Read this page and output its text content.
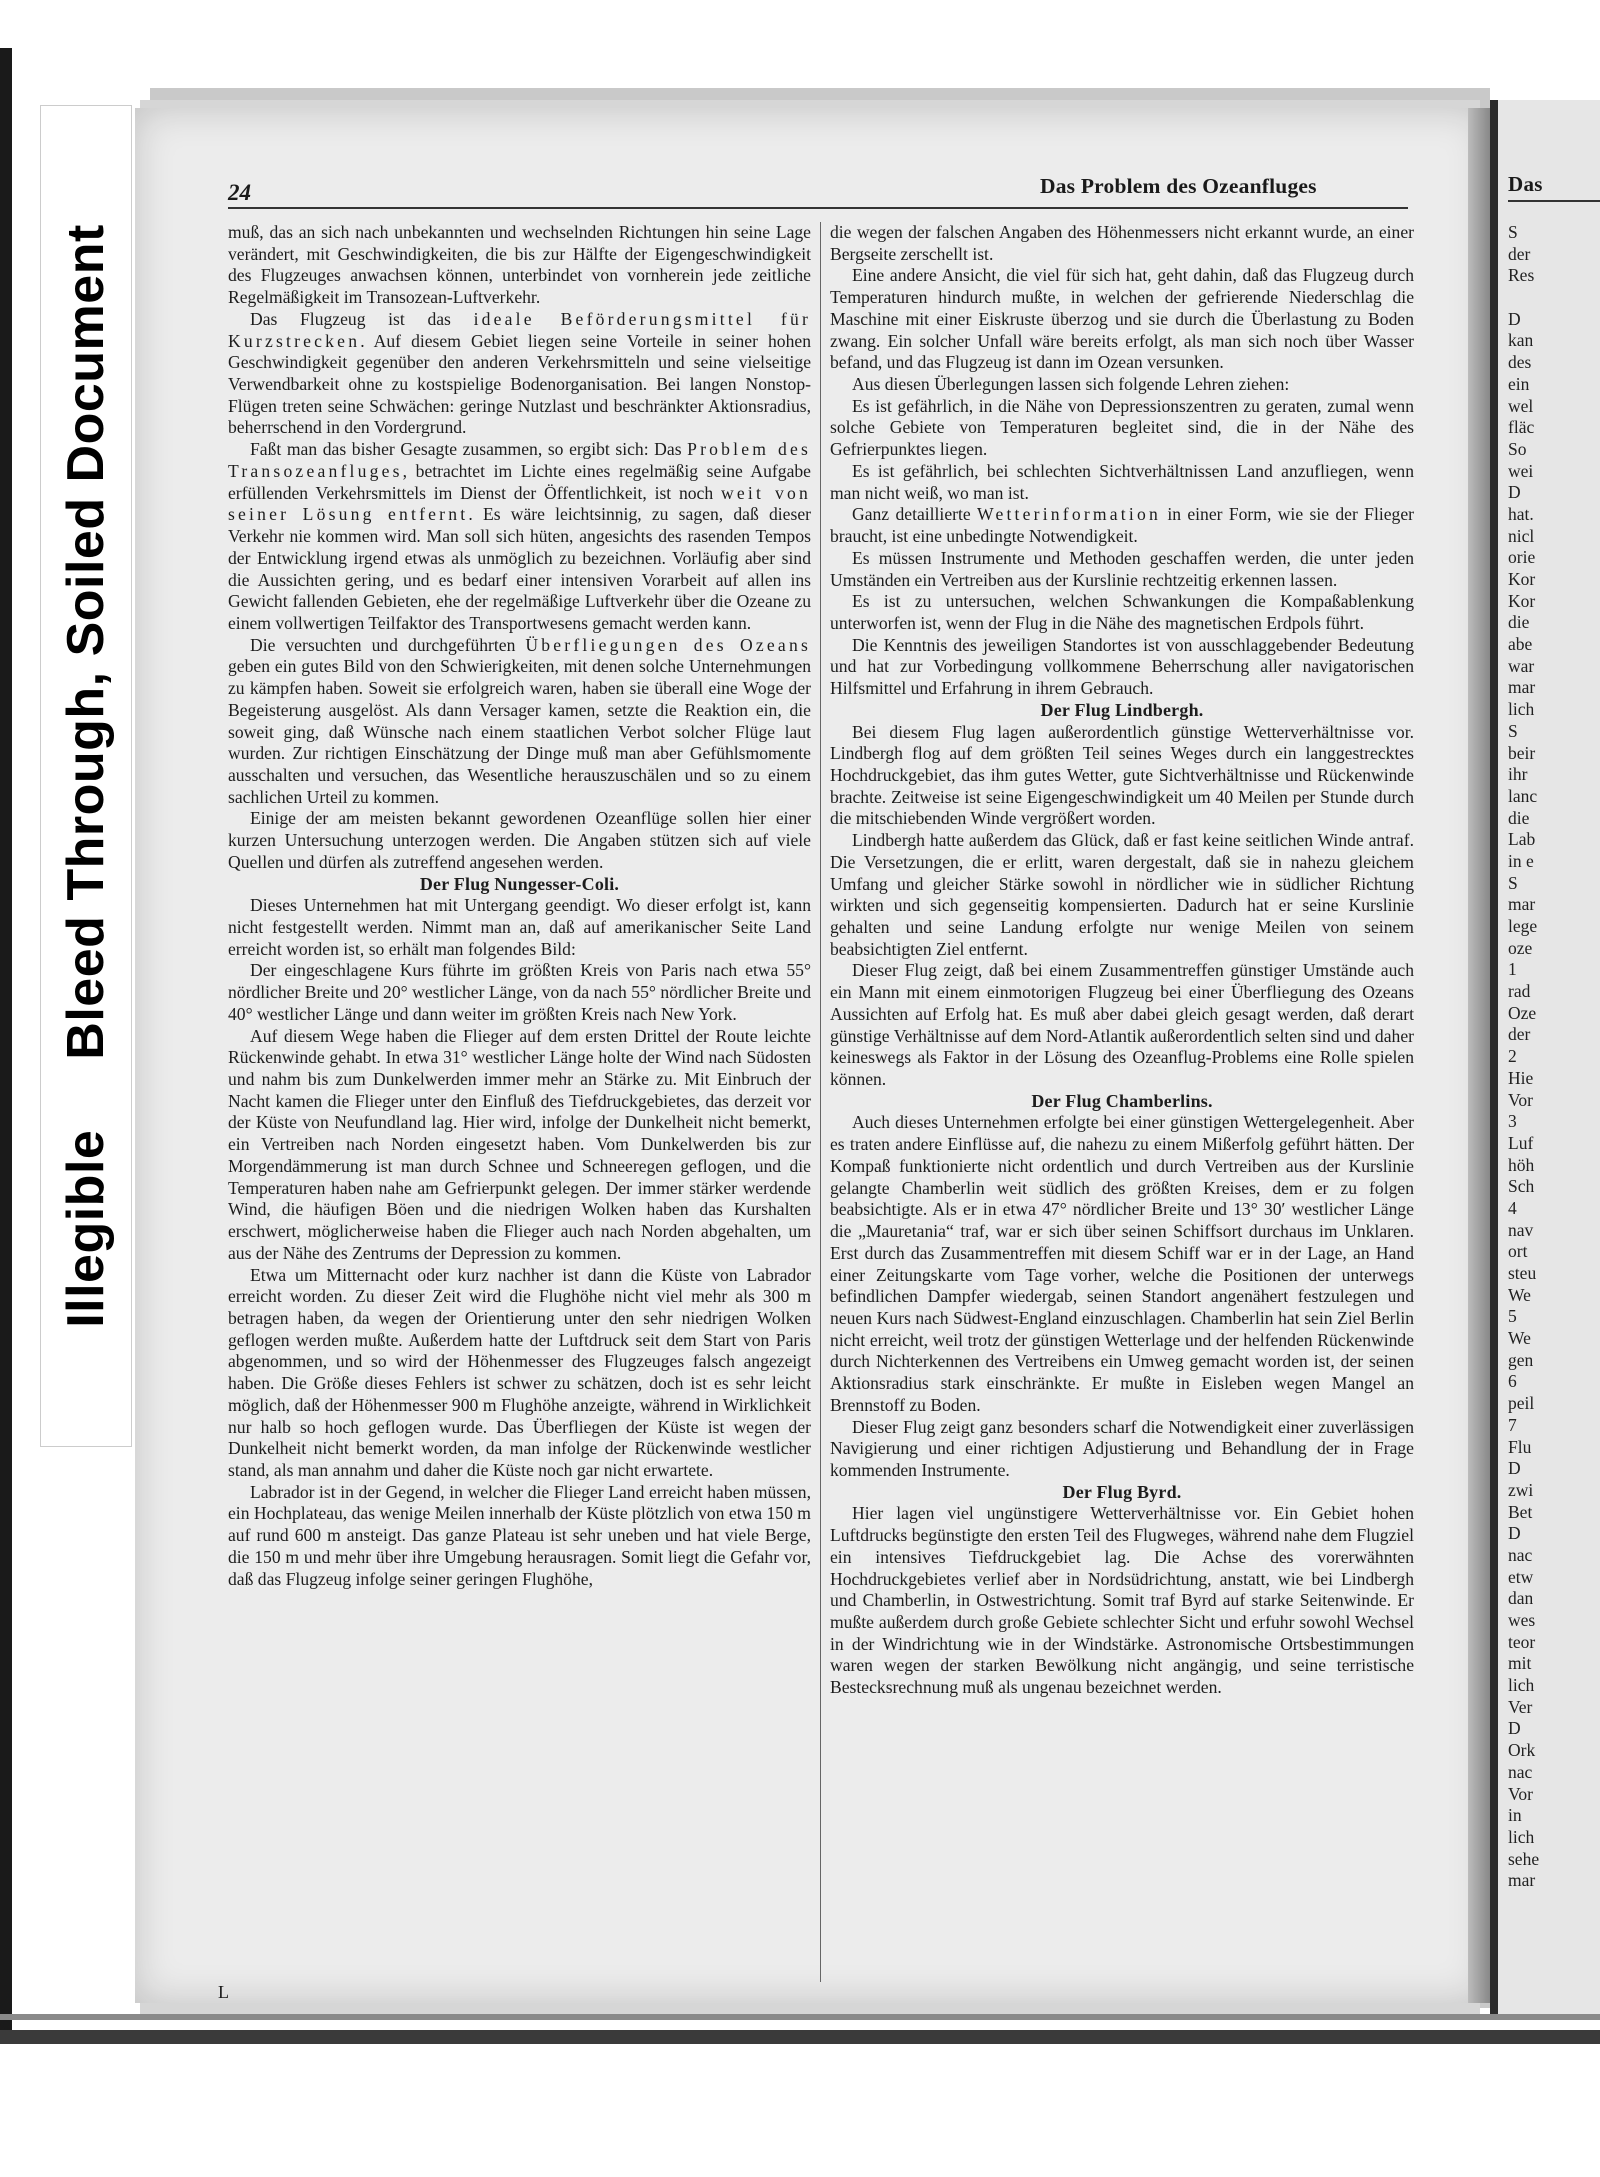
Das
S
der
Res
D
kan
des
ein
wel
fläc
So
wei
D
hat.
nicl
orie
Kor
Kor
die
abe
war
mar
lich
S
beir
ihr
lanc
die
Lab
in e
S
mar
lege
oze
1
rad
Oze
der
2
Hie
Vor
3
Luf
höh
Sch
4
nav
ort
steu
We
5
We
gen
6
peil
7
Flu
D
zwi
Bet
D
nac
etw
dan
wes
teor
mit
lich
Ver
D
Ork
nac
Vor
in
lich
sehe
mar
24	Das Problem des Ozeanfluges

muß, das an sich nach unbekannten und wechselnden Richtungen hin seine Lage verändert, mit Geschwindigkeiten, die bis zur Hälfte der Eigengeschwindigkeit des Flugzeuges anwachsen können, unterbindet von vornherein jede zeitliche Regelmäßigkeit im Transozean-Luftverkehr.

Das Flugzeug ist das ideale Beförderungsmittel für Kurzstrecken. Auf diesem Gebiet liegen seine Vorteile in seiner hohen Geschwindigkeit gegenüber den anderen Verkehrsmitteln und seine vielseitige Verwendbarkeit ohne zu kostspielige Bodenorganisation. Bei langen Nonstop-Flügen treten seine Schwächen: geringe Nutzlast und beschränkter Aktionsradius, beherrschend in den Vordergrund.

Faßt man das bisher Gesagte zusammen, so ergibt sich: Das Problem des Transozeanfluges, betrachtet im Lichte eines regelmäßig seine Aufgabe erfüllenden Verkehrsmittels im Dienst der Öffentlichkeit, ist noch weit von seiner Lösung entfernt. Es wäre leichtsinnig, zu sagen, daß dieser Verkehr nie kommen wird. Man soll sich hüten, angesichts des rasenden Tempos der Entwicklung irgend etwas als unmöglich zu bezeichnen. Vorläufig aber sind die Aussichten gering, und es bedarf einer intensiven Vorarbeit auf allen ins Gewicht fallenden Gebieten, ehe der regelmäßige Luftverkehr über die Ozeane zu einem vollwertigen Teilfaktor des Transportwesens gemacht werden kann.

Die versuchten und durchgeführten Überfliegungen des Ozeans geben ein gutes Bild von den Schwierigkeiten, mit denen solche Unternehmungen zu kämpfen haben. Soweit sie erfolgreich waren, haben sie überall eine Woge der Begeisterung ausgelöst. Als dann Versager kamen, setzte die Reaktion ein, die soweit ging, daß Wünsche nach einem staatlichen Verbot solcher Flüge laut wurden. Zur richtigen Einschätzung der Dinge muß man aber Gefühlsmomente ausschalten und versuchen, das Wesentliche herauszuschälen und so zu einem sachlichen Urteil zu kommen.

Einige der am meisten bekannt gewordenen Ozeanflüge sollen hier einer kurzen Untersuchung unterzogen werden. Die Angaben stützen sich auf viele Quellen und dürfen als zutreffend angesehen werden.

Der Flug Nungesser-Coli.

Dieses Unternehmen hat mit Untergang geendigt. Wo dieser erfolgt ist, kann nicht festgestellt werden. Nimmt man an, daß auf amerikanischer Seite Land erreicht worden ist, so erhält man folgendes Bild:

Der eingeschlagene Kurs führte im größten Kreis von Paris nach etwa 55° nördlicher Breite und 20° westlicher Länge, von da nach 55° nördlicher Breite und 40° westlicher Länge und dann weiter im größten Kreis nach New York.

Auf diesem Wege haben die Flieger auf dem ersten Drittel der Route leichte Rückenwinde gehabt. In etwa 31° westlicher Länge holte der Wind nach Südosten und nahm bis zum Dunkelwerden immer mehr an Stärke zu. Mit Einbruch der Nacht kamen die Flieger unter den Einfluß des Tiefdruckgebietes, das derzeit vor der Küste von Neufundland lag. Hier wird, infolge der Dunkelheit nicht bemerkt, ein Vertreiben nach Norden eingesetzt haben. Vom Dunkelwerden bis zur Morgendämmerung ist man durch Schnee und Schneeregen geflogen, und die Temperaturen haben nahe am Gefrierpunkt gelegen. Der immer stärker werdende Wind, die häufigen Böen und die niedrigen Wolken haben das Kurshalten erschwert, möglicherweise haben die Flieger auch nach Norden abgehalten, um aus der Nähe des Zentrums der Depression zu kommen.

Etwa um Mitternacht oder kurz nachher ist dann die Küste von Labrador erreicht worden. Zu dieser Zeit wird die Flughöhe nicht viel mehr als 300 m betragen haben, da wegen der Orientierung unter den sehr niedrigen Wolken geflogen werden mußte. Außerdem hatte der Luftdruck seit dem Start von Paris abgenommen, und so wird der Höhenmesser des Flugzeuges falsch angezeigt haben. Die Größe dieses Fehlers ist schwer zu schätzen, doch ist es sehr leicht möglich, daß der Höhenmesser 900 m Flughöhe anzeigte, während in Wirklichkeit nur halb so hoch geflogen wurde. Das Überfliegen der Küste ist wegen der Dunkelheit nicht bemerkt worden, da man infolge der Rückenwinde westlicher stand, als man annahm und daher die Küste noch gar nicht erwartete.

Labrador ist in der Gegend, in welcher die Flieger Land erreicht haben müssen, ein Hochplateau, das wenige Meilen innerhalb der Küste plötzlich von etwa 150 m auf rund 600 m ansteigt. Das ganze Plateau ist sehr uneben und hat viele Berge, die 150 m und mehr über ihre Umgebung herausragen. Somit liegt die Gefahr vor, daß das Flugzeug infolge seiner geringen Flughöhe,

die wegen der falschen Angaben des Höhenmessers nicht erkannt wurde, an einer Bergseite zerschellt ist.

Eine andere Ansicht, die viel für sich hat, geht dahin, daß das Flugzeug durch Temperaturen hindurch mußte, in welchen der gefrierende Niederschlag die Maschine mit einer Eiskruste überzog und sie durch die Überlastung zu Boden zwang. Ein solcher Unfall wäre bereits erfolgt, als man sich noch über Wasser befand, und das Flugzeug ist dann im Ozean versunken.

Aus diesen Überlegungen lassen sich folgende Lehren ziehen:

Es ist gefährlich, in die Nähe von Depressionszentren zu geraten, zumal wenn solche Gebiete von Temperaturen begleitet sind, die in der Nähe des Gefrierpunktes liegen.

Es ist gefährlich, bei schlechten Sichtverhältnissen Land anzufliegen, wenn man nicht weiß, wo man ist.

Ganz detaillierte Wetterinformation in einer Form, wie sie der Flieger braucht, ist eine unbedingte Notwendigkeit.

Es müssen Instrumente und Methoden geschaffen werden, die unter jeden Umständen ein Vertreiben aus der Kurslinie rechtzeitig erkennen lassen.

Es ist zu untersuchen, welchen Schwankungen die Kompaßablenkung unterworfen ist, wenn der Flug in die Nähe des magnetischen Erdpols führt.

Die Kenntnis des jeweiligen Standortes ist von ausschlaggebender Bedeutung und hat zur Vorbedingung vollkommene Beherrschung aller navigatorischen Hilfsmittel und Erfahrung in ihrem Gebrauch.

Der Flug Lindbergh.

Bei diesem Flug lagen außerordentlich günstige Wetterverhältnisse vor. Lindbergh flog auf dem größten Teil seines Weges durch ein langgestrecktes Hochdruckgebiet, das ihm gutes Wetter, gute Sichtverhältnisse und Rückenwinde brachte. Zeitweise ist seine Eigengeschwindigkeit um 40 Meilen per Stunde durch die mitschiebenden Winde vergrößert worden.

Lindbergh hatte außerdem das Glück, daß er fast keine seitlichen Winde antraf. Die Versetzungen, die er erlitt, waren dergestalt, daß sie in nahezu gleichem Umfang und gleicher Stärke sowohl in nördlicher wie in südlicher Richtung wirkten und sich gegenseitig kompensierten. Dadurch hat er seine Kurslinie gehalten und seine Landung erfolgte nur wenige Meilen von seinem beabsichtigten Ziel entfernt.

Dieser Flug zeigt, daß bei einem Zusammentreffen günstiger Umstände auch ein Mann mit einem einmotorigen Flugzeug bei einer Überfliegung des Ozeans Aussichten auf Erfolg hat. Es muß aber dabei gleich gesagt werden, daß derart günstige Verhältnisse auf dem Nord-Atlantik außerordentlich selten sind und daher keineswegs als Faktor in der Lösung des Ozeanflug-Problems eine Rolle spielen können.

Der Flug Chamberlins.

Auch dieses Unternehmen erfolgte bei einer günstigen Wettergelegenheit. Aber es traten andere Einflüsse auf, die nahezu zu einem Mißerfolg geführt hätten. Der Kompaß funktionierte nicht ordentlich und durch Vertreiben aus der Kurslinie gelangte Chamberlin weit südlich des größten Kreises, dem er zu folgen beabsichtigte. Als er in etwa 47° nördlicher Breite und 13° 30′ westlicher Länge die „Mauretania“ traf, war er sich über seinen Schiffsort durchaus im Unklaren. Erst durch das Zusammentreffen mit diesem Schiff war er in der Lage, an Hand einer Zeitungskarte vom Tage vorher, welche die Positionen der unterwegs befindlichen Dampfer wiedergab, seinen Standort angenähert festzulegen und neuen Kurs nach Südwest-England einzuschlagen. Chamberlin hat sein Ziel Berlin nicht erreicht, weil trotz der günstigen Wetterlage und der helfenden Rückenwinde durch Nichterkennen des Vertreibens ein Umweg gemacht worden ist, der seinen Aktionsradius stark einschränkte. Er mußte in Eisleben wegen Mangel an Brennstoff zu Boden.

Dieser Flug zeigt ganz besonders scharf die Notwendigkeit einer zuverlässigen Navigierung und einer richtigen Adjustierung und Behandlung der in Frage kommenden Instrumente.

Der Flug Byrd.

Hier lagen viel ungünstigere Wetterverhältnisse vor. Ein Gebiet hohen Luftdrucks begünstigte den ersten Teil des Flugweges, während nahe dem Flugziel ein intensives Tiefdruckgebiet lag. Die Achse des vorerwähnten Hochdruckgebietes verlief aber in Nordsüdrichtung, anstatt, wie bei Lindbergh und Chamberlin, in Ostwestrichtung. Somit traf Byrd auf starke Seitenwinde. Er mußte außerdem durch große Gebiete schlechter Sicht und erfuhr sowohl Wechsel in der Windrichtung wie in der Windstärke. Astronomische Ortsbestimmungen waren wegen der starken Bewölkung nicht angängig, und seine terristische Bestecksrechnung muß als ungenau bezeichnet werden.

L
IllegibleBleed Through, Soiled Document
